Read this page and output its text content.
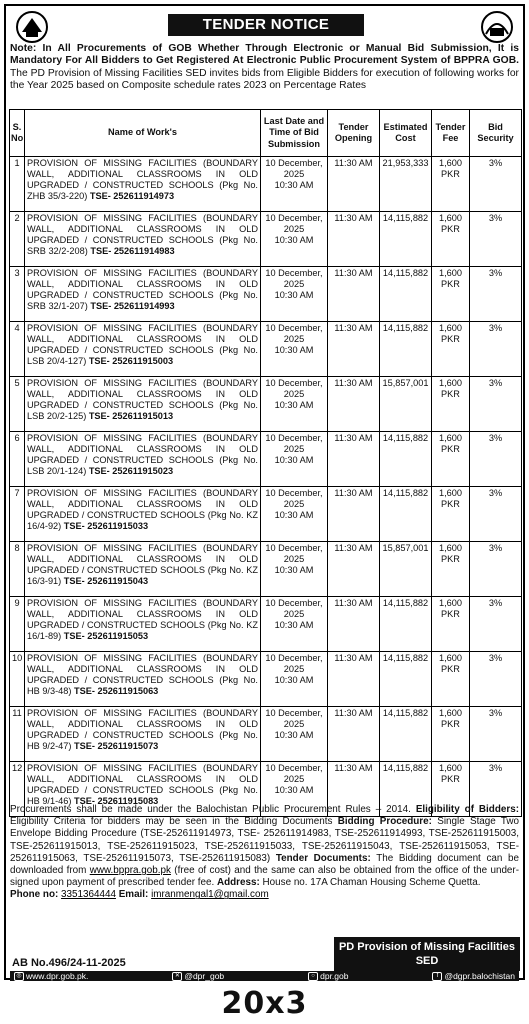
TENDER NOTICE
Note: In All Procurements of GOB Whether Through Electronic or Manual Bid Submission, It is Mandatory For All Bidders to Get Registered At Electronic Public Procurement System of BPPRA GOB. The PD Provision of Missing Facilities SED invites bids from Eligible Bidders for execution of following works for the Year 2025 based on Composite schedule rates 2023 on Percentage Rates
S. No	Name of Work's	Last Date and Time of Bid Submission	Tender Opening	Estimated Cost	Tender Fee	Bid Security
1	PROVISION OF MISSING FACILITIES (BOUNDARY WALL, ADDITIONAL CLASSROOMS IN OLD UPGRADED / CONSTRUCTED SCHOOLS (Pkg No. ZHB 35/3-220) TSE- 252611914973	10 December, 2025
10:30 AM	11:30 AM	21,953,333	1,600 PKR	3%
2	PROVISION OF MISSING FACILITIES (BOUNDARY WALL, ADDITIONAL CLASSROOMS IN OLD UPGRADED / CONSTRUCTED SCHOOLS (Pkg No. SRB 32/2-208) TSE- 252611914983	10 December, 2025
10:30 AM	11:30 AM	14,115,882	1,600 PKR	3%
3	PROVISION OF MISSING FACILITIES (BOUNDARY WALL, ADDITIONAL CLASSROOMS IN OLD UPGRADED / CONSTRUCTED SCHOOLS (Pkg No. SRB 32/1-207) TSE- 252611914993	10 December, 2025
10:30 AM	11:30 AM	14,115,882	1,600 PKR	3%
4	PROVISION OF MISSING FACILITIES (BOUNDARY WALL, ADDITIONAL CLASSROOMS IN OLD UPGRADED / CONSTRUCTED SCHOOLS (Pkg No. LSB 20/4-127) TSE- 252611915003	10 December, 2025
10:30 AM	11:30 AM	14,115,882	1,600 PKR	3%
5	PROVISION OF MISSING FACILITIES (BOUNDARY WALL, ADDITIONAL CLASSROOMS IN OLD UPGRADED / CONSTRUCTED SCHOOLS (Pkg No. LSB 20/2-125) TSE- 252611915013	10 December, 2025
10:30 AM	11:30 AM	15,857,001	1,600 PKR	3%
6	PROVISION OF MISSING FACILITIES (BOUNDARY WALL, ADDITIONAL CLASSROOMS IN OLD UPGRADED / CONSTRUCTED SCHOOLS (Pkg No. LSB 20/1-124) TSE- 252611915023	10 December, 2025
10:30 AM	11:30 AM	14,115,882	1,600 PKR	3%
7	PROVISION OF MISSING FACILITIES (BOUNDARY WALL, ADDITIONAL CLASSROOMS IN OLD UPGRADED / CONSTRUCTED SCHOOLS (Pkg No. KZ 16/4-92) TSE- 252611915033	10 December, 2025
10:30 AM	11:30 AM	14,115,882	1,600 PKR	3%
8	PROVISION OF MISSING FACILITIES (BOUNDARY WALL, ADDITIONAL CLASSROOMS IN OLD UPGRADED / CONSTRUCTED SCHOOLS (Pkg No. KZ 16/3-91) TSE- 252611915043	10 December, 2025
10:30 AM	11:30 AM	15,857,001	1,600 PKR	3%
9	PROVISION OF MISSING FACILITIES (BOUNDARY WALL, ADDITIONAL CLASSROOMS IN OLD UPGRADED / CONSTRUCTED SCHOOLS (Pkg No. KZ 16/1-89) TSE- 252611915053	10 December, 2025
10:30 AM	11:30 AM	14,115,882	1,600 PKR	3%
10	PROVISION OF MISSING FACILITIES (BOUNDARY WALL, ADDITIONAL CLASSROOMS IN OLD UPGRADED / CONSTRUCTED SCHOOLS (Pkg No. HB 9/3-48) TSE- 252611915063	10 December, 2025
10:30 AM	11:30 AM	14,115,882	1,600 PKR	3%
11	PROVISION OF MISSING FACILITIES (BOUNDARY WALL, ADDITIONAL CLASSROOMS IN OLD UPGRADED / CONSTRUCTED SCHOOLS (Pkg No. HB 9/2-47) TSE- 252611915073	10 December, 2025
10:30 AM	11:30 AM	14,115,882	1,600 PKR	3%
12	PROVISION OF MISSING FACILITIES (BOUNDARY WALL, ADDITIONAL CLASSROOMS IN OLD UPGRADED / CONSTRUCTED SCHOOLS (Pkg No. HB 9/1-46) TSE- 252611915083	10 December, 2025
10:30 AM	11:30 AM	14,115,882	1,600 PKR	3%
Procurements shall be made under the Balochistan Public Procurement Rules – 2014. Eligibility of Bidders: Eligibility Criteria for bidders may be seen in the Bidding Documents Bidding Procedure: Single Stage Two Envelope Bidding Procedure (TSE-252611914973, TSE- 252611914983, TSE-252611914993, TSE-252611915003, TSE-252611915013, TSE-252611915023, TSE-252611915033, TSE-252611915043, TSE-252611915053, TSE-252611915063, TSE-252611915073, TSE-252611915083) Tender Documents: The Bidding document can be downloaded from www.bppra.gob.pk (free of cost) and the same can also be obtained from the office of the under-signed upon payment of prescribed tender fee. Address: House no. 17A Chaman Housing Scheme Quetta.
Phone no: 3351364444 Email: imranmengal1@gmail.com
PD Provision of Missing Facilities
SED
AB No.496/24-11-2025
◎ www.dpr.gob.pk.	✕ @dpr_gob	○ dpr.gob	f @dgpr.balochistan
20x3
